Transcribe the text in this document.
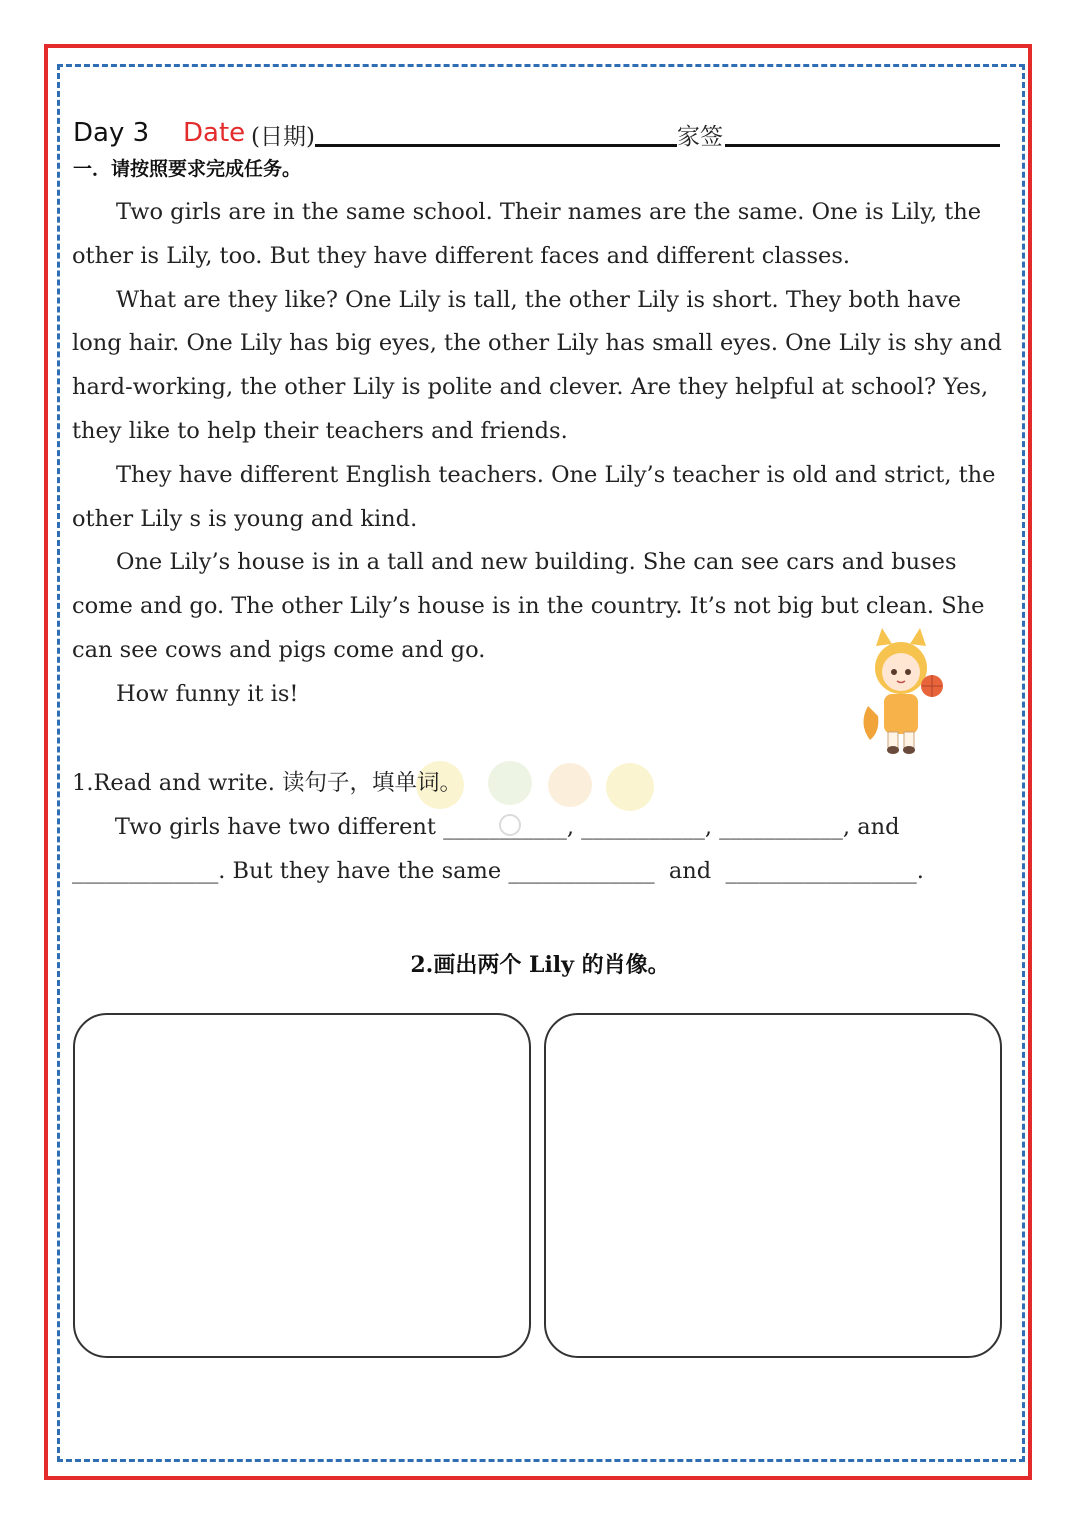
Day 3 Date (日期)	家签
一．请按照要求完成任务。

Two girls are in the same school. Their names are the same. One is Lily, the other is Lily, too. But they have different faces and different classes.

What are they like? One Lily is tall, the other Lily is short. They both have long hair. One Lily has big eyes, the other Lily has small eyes. One Lily is shy and hard-working, the other Lily is polite and clever. Are they helpful at school? Yes, they like to help their teachers and friends.

They have different English teachers. One Lily’s teacher is old and strict, the other Lily s is young and kind.

One Lily’s house is in a tall and new building. She can see cars and buses come and go. The other Lily’s house is in the country. It’s not big but clean. She can see cows and pigs come and go.

How funny it is!

1.Read and write. 读句子，填单词。
Two girls have two different ___________, ___________, ___________, and
_____________. But they have the same _____________  and  _________________.
2.画出两个 Lily 的肖像。
